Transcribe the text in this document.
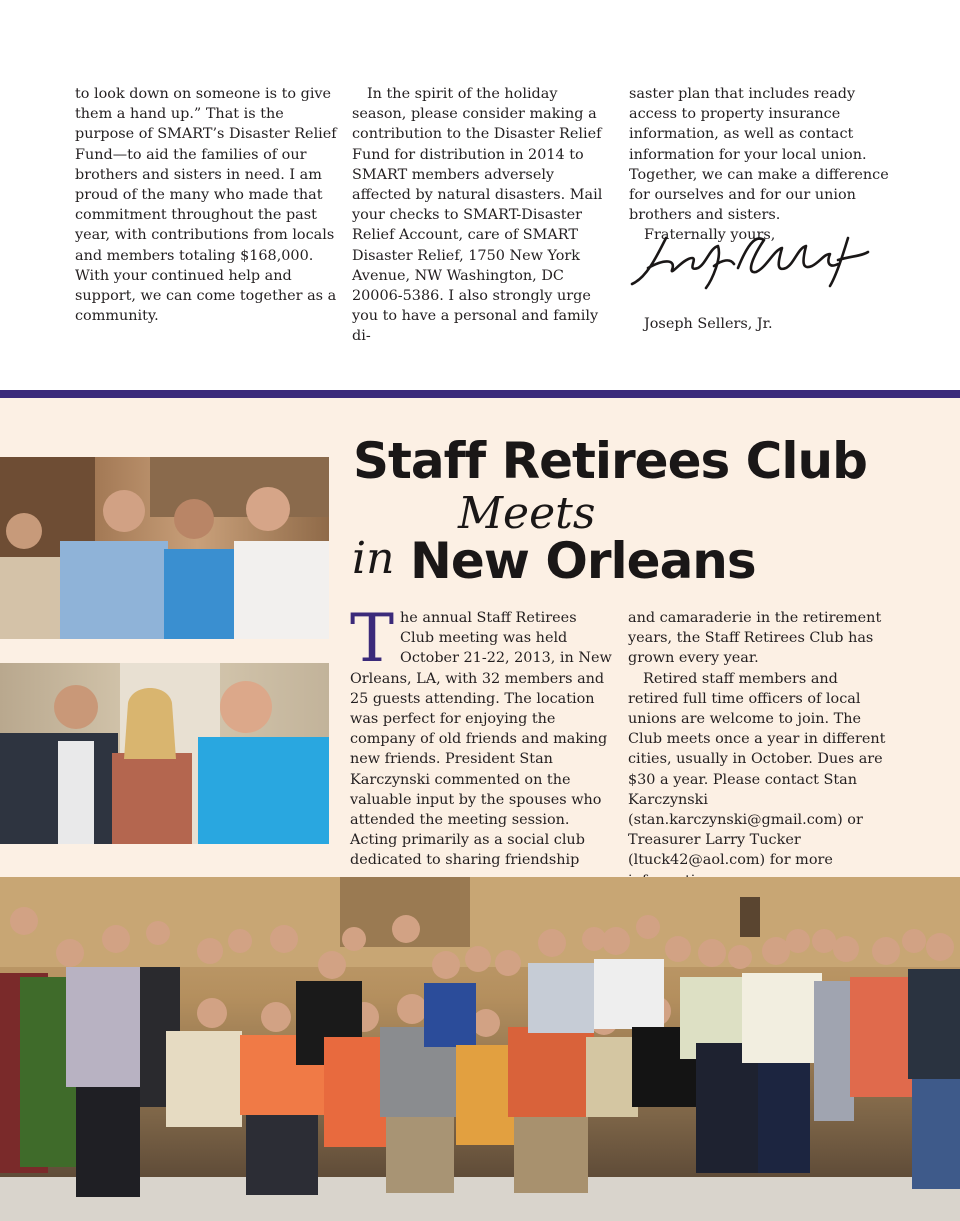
to look down on someone is to give them a hand up.” That is the purpose of SMART’s Disaster Relief Fund—to aid the families of our brothers and sisters in need. I am proud of the many who made that commitment throughout the past year, with contributions from locals and members totaling $168,000. With your continued help and support, we can come together as a community.

In the spirit of the holiday season, please consider making a contribution to the Disaster Relief Fund for distribution in 2014 to SMART members adversely affected by natural disasters. Mail your checks to SMART-Disaster Relief Account, care of SMART Disaster Relief, 1750 New York Avenue, NW Washington, DC 20006-5386. I also strongly urge you to have a personal and family di-

saster plan that includes ready access to property insurance information, as well as contact information for your local union. Together, we can make a difference for ourselves and for our union brothers and sisters.

Fraternally yours,

Joseph Sellers, Jr.

Staff Retirees Club
Meets
in New Orleans

The annual Staff Retirees Club meeting was held October 21-22, 2013, in New Orleans, LA, with 32 members and 25 guests attending. The location was perfect for enjoying the company of old friends and making new friends. President Stan Karczynski commented on the valuable input by the spouses who attended the meeting session. Acting primarily as a social club dedicated to sharing friendship

and camaraderie in the retirement years, the Staff Retirees Club has grown every year.

Retired staff members and retired full time officers of local unions are welcome to join. The Club meets once a year in different cities, usually in October. Dues are $30 a year. Please contact Stan Karczynski (stan.karczynski@gmail.com) or Treasurer Larry Tucker (ltuck42@aol.com) for more
